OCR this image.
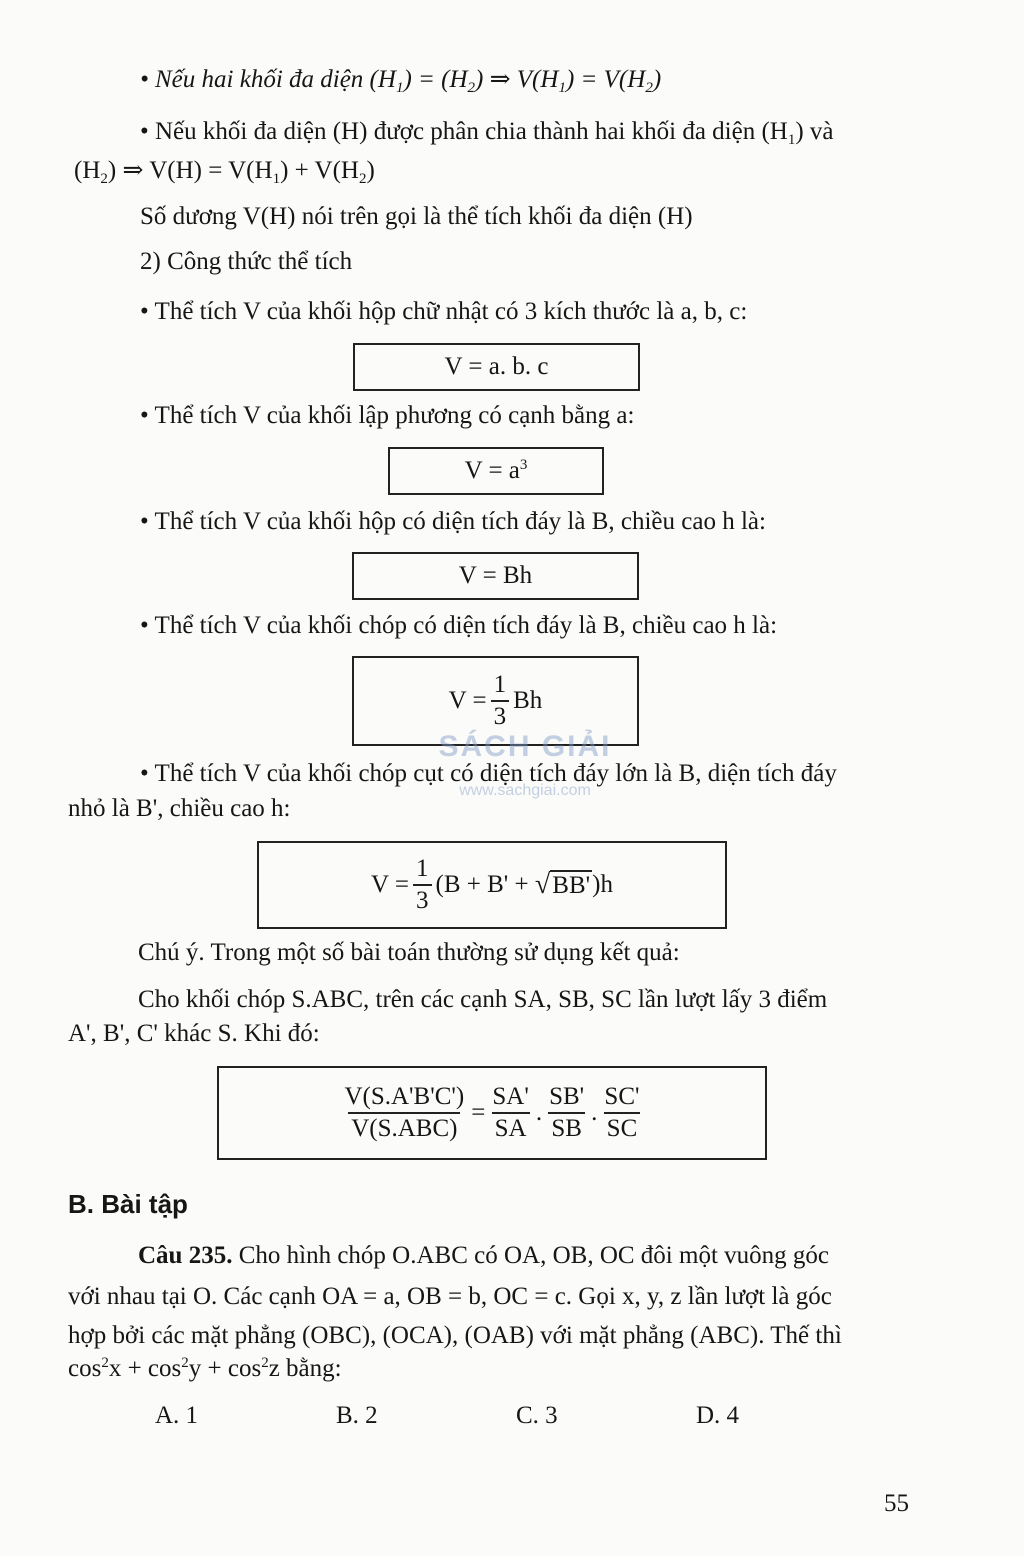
• Nếu hai khối đa diện $(H_1) = (H_2)$ ⇒ $V(H_1) = V(H_2)$
• Nếu khối đa diện (H) được phân chia thành hai khối đa diện $(H_1)$ và
$(H_2)$ ⇒ $V(H) = V(H_1) + V(H_2)$
Số dương V(H) nói trên gọi là thể tích khối đa diện (H)
2) Công thức thể tích
• Thể tích V của khối hộp chữ nhật có 3 kích thước là a, b, c:
V = a. b. c
• Thể tích V của khối lập phương có cạnh bằng a:
$V = a^3$
• Thể tích V của khối hộp có diện tích đáy là B, chiều cao h là:
V = Bh
• Thể tích V của khối chóp có diện tích đáy là B, chiều cao h là:
$V = \frac{1}{3}$ Bh
• Thể tích V của khối chóp cụt có diện tích đáy lớn là B, diện tích đáy
nhỏ là B', chiều cao h:
SÁCH GIẢI
www.sachgiai.com
$V = \frac{1}{3} (B + B'$ +
√ BB' )h
Chú ý. Trong một số bài toán thường sử dụng kết quả:
Cho khối chóp S.ABC, trên các cạnh SA, SB, SC lần lượt lấy 3 điểm
A', B', C' khác S. Khi đó:
$\frac{V(S.A'B'C')}{\text{V(S.ABC)}} = \frac{SA'}{SA}$ . $\frac{SB'}{SB}$ . $\frac{SC'}{SC}$
B. Bài tập
Câu 235. Cho hình chóp O.ABC có OA, OB, OC đôi một vuông góc
với nhau tại O. Các cạnh OA = a, OB = b, OC = c. Gọi x, y, z lần lượt là góc
hợp bởi các mặt phẳng (OBC), (OCA), (OAB) với mặt phẳng (ABC). Thế thì
$\cos^2x + \cos^2y + \cos^2z$ bằng:
A. 1	B. 2	C. 3	D. 4
55
